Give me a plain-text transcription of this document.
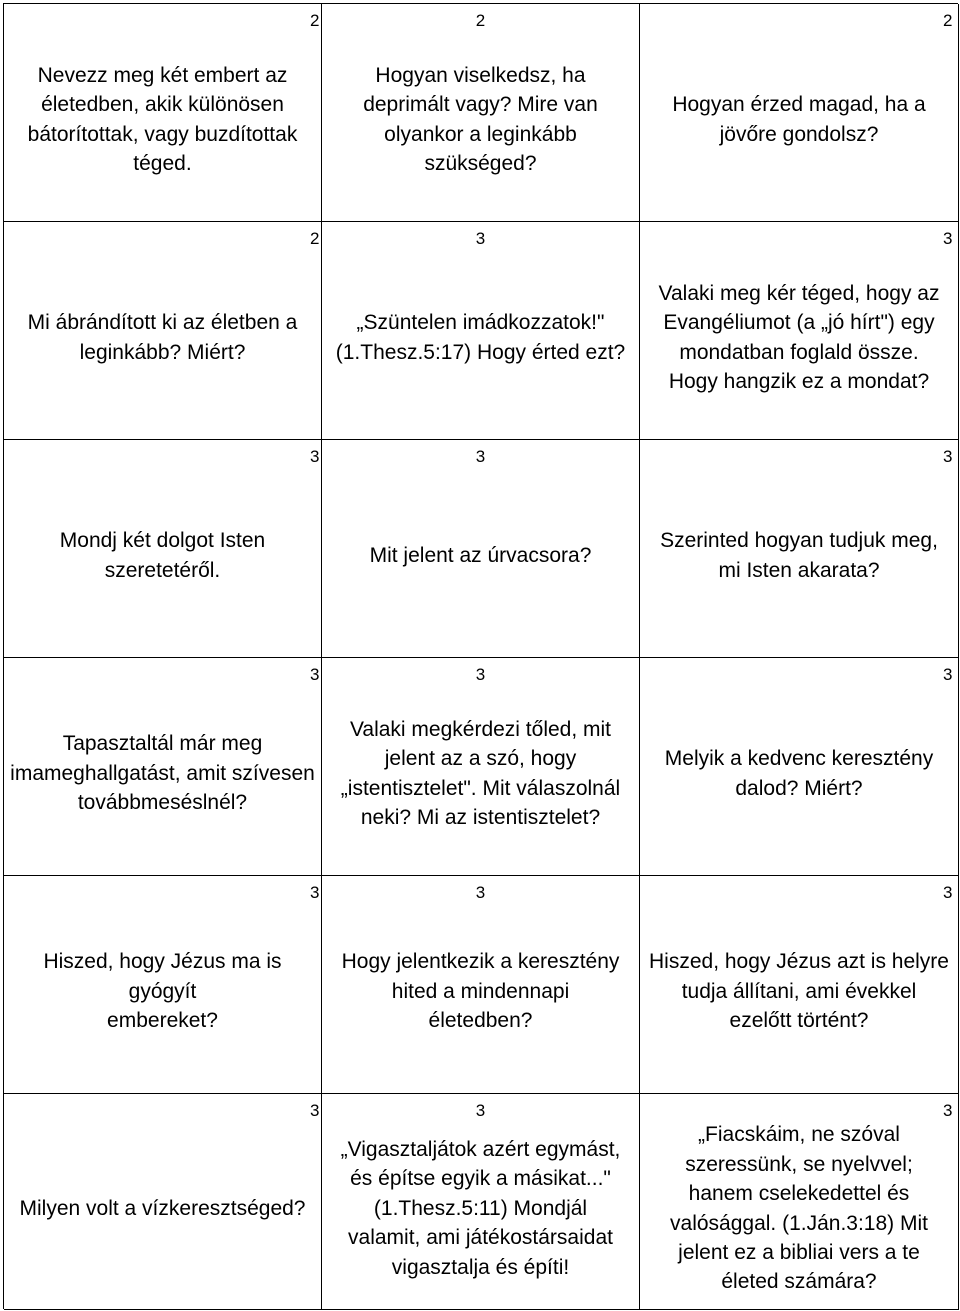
2
Nevezz meg két embert az
életedben, akik különösen
bátorítottak, vagy buzdítottak
téged.
2
Hogyan viselkedsz, ha
deprimált vagy? Mire van
olyankor a leginkább
szükséged?
2
Hogyan érzed magad, ha a
jövőre gondolsz?
2
Mi ábrándított ki az életben a
leginkább? Miért?
3
„Szüntelen imádkozzatok!"
(1.Thesz.5:17) Hogy érted ezt?
3
Valaki meg kér téged, hogy az
Evangéliumot (a „jó hírt") egy
mondatban foglald össze.
Hogy hangzik ez a mondat?
3
Mondj két dolgot Isten
szeretetéről.
3
Mit jelent az úrvacsora?
3
Szerinted hogyan tudjuk meg,
mi Isten akarata?
3
Tapasztaltál már meg
imameghallgatást, amit szívesen
továbbmeséslnél?
3
Valaki megkérdezi tőled, mit
jelent az a szó, hogy
„istentisztelet". Mit válaszolnál
neki? Mi az istentisztelet?
3
Melyik a kedvenc keresztény
dalod? Miért?
3
Hiszed, hogy Jézus ma is gyógyít
embereket?
3
Hogy jelentkezik a keresztény
hited a mindennapi
életedben?
3
Hiszed, hogy Jézus azt is helyre
tudja állítani, ami évekkel
ezelőtt történt?
3
Milyen volt a vízkeresztséged?
3
„Vigasztaljátok azért egymást,
és építse egyik a másikat..."
(1.Thesz.5:11) Mondjál
valamit, ami játékostársaidat
vigasztalja és építi!
3
„Fiacskáim, ne szóval
szeressünk, se nyelvvel;
hanem cselekedettel és
valósággal. (1.Ján.3:18) Mit
jelent ez a bibliai vers a te
életed számára?
